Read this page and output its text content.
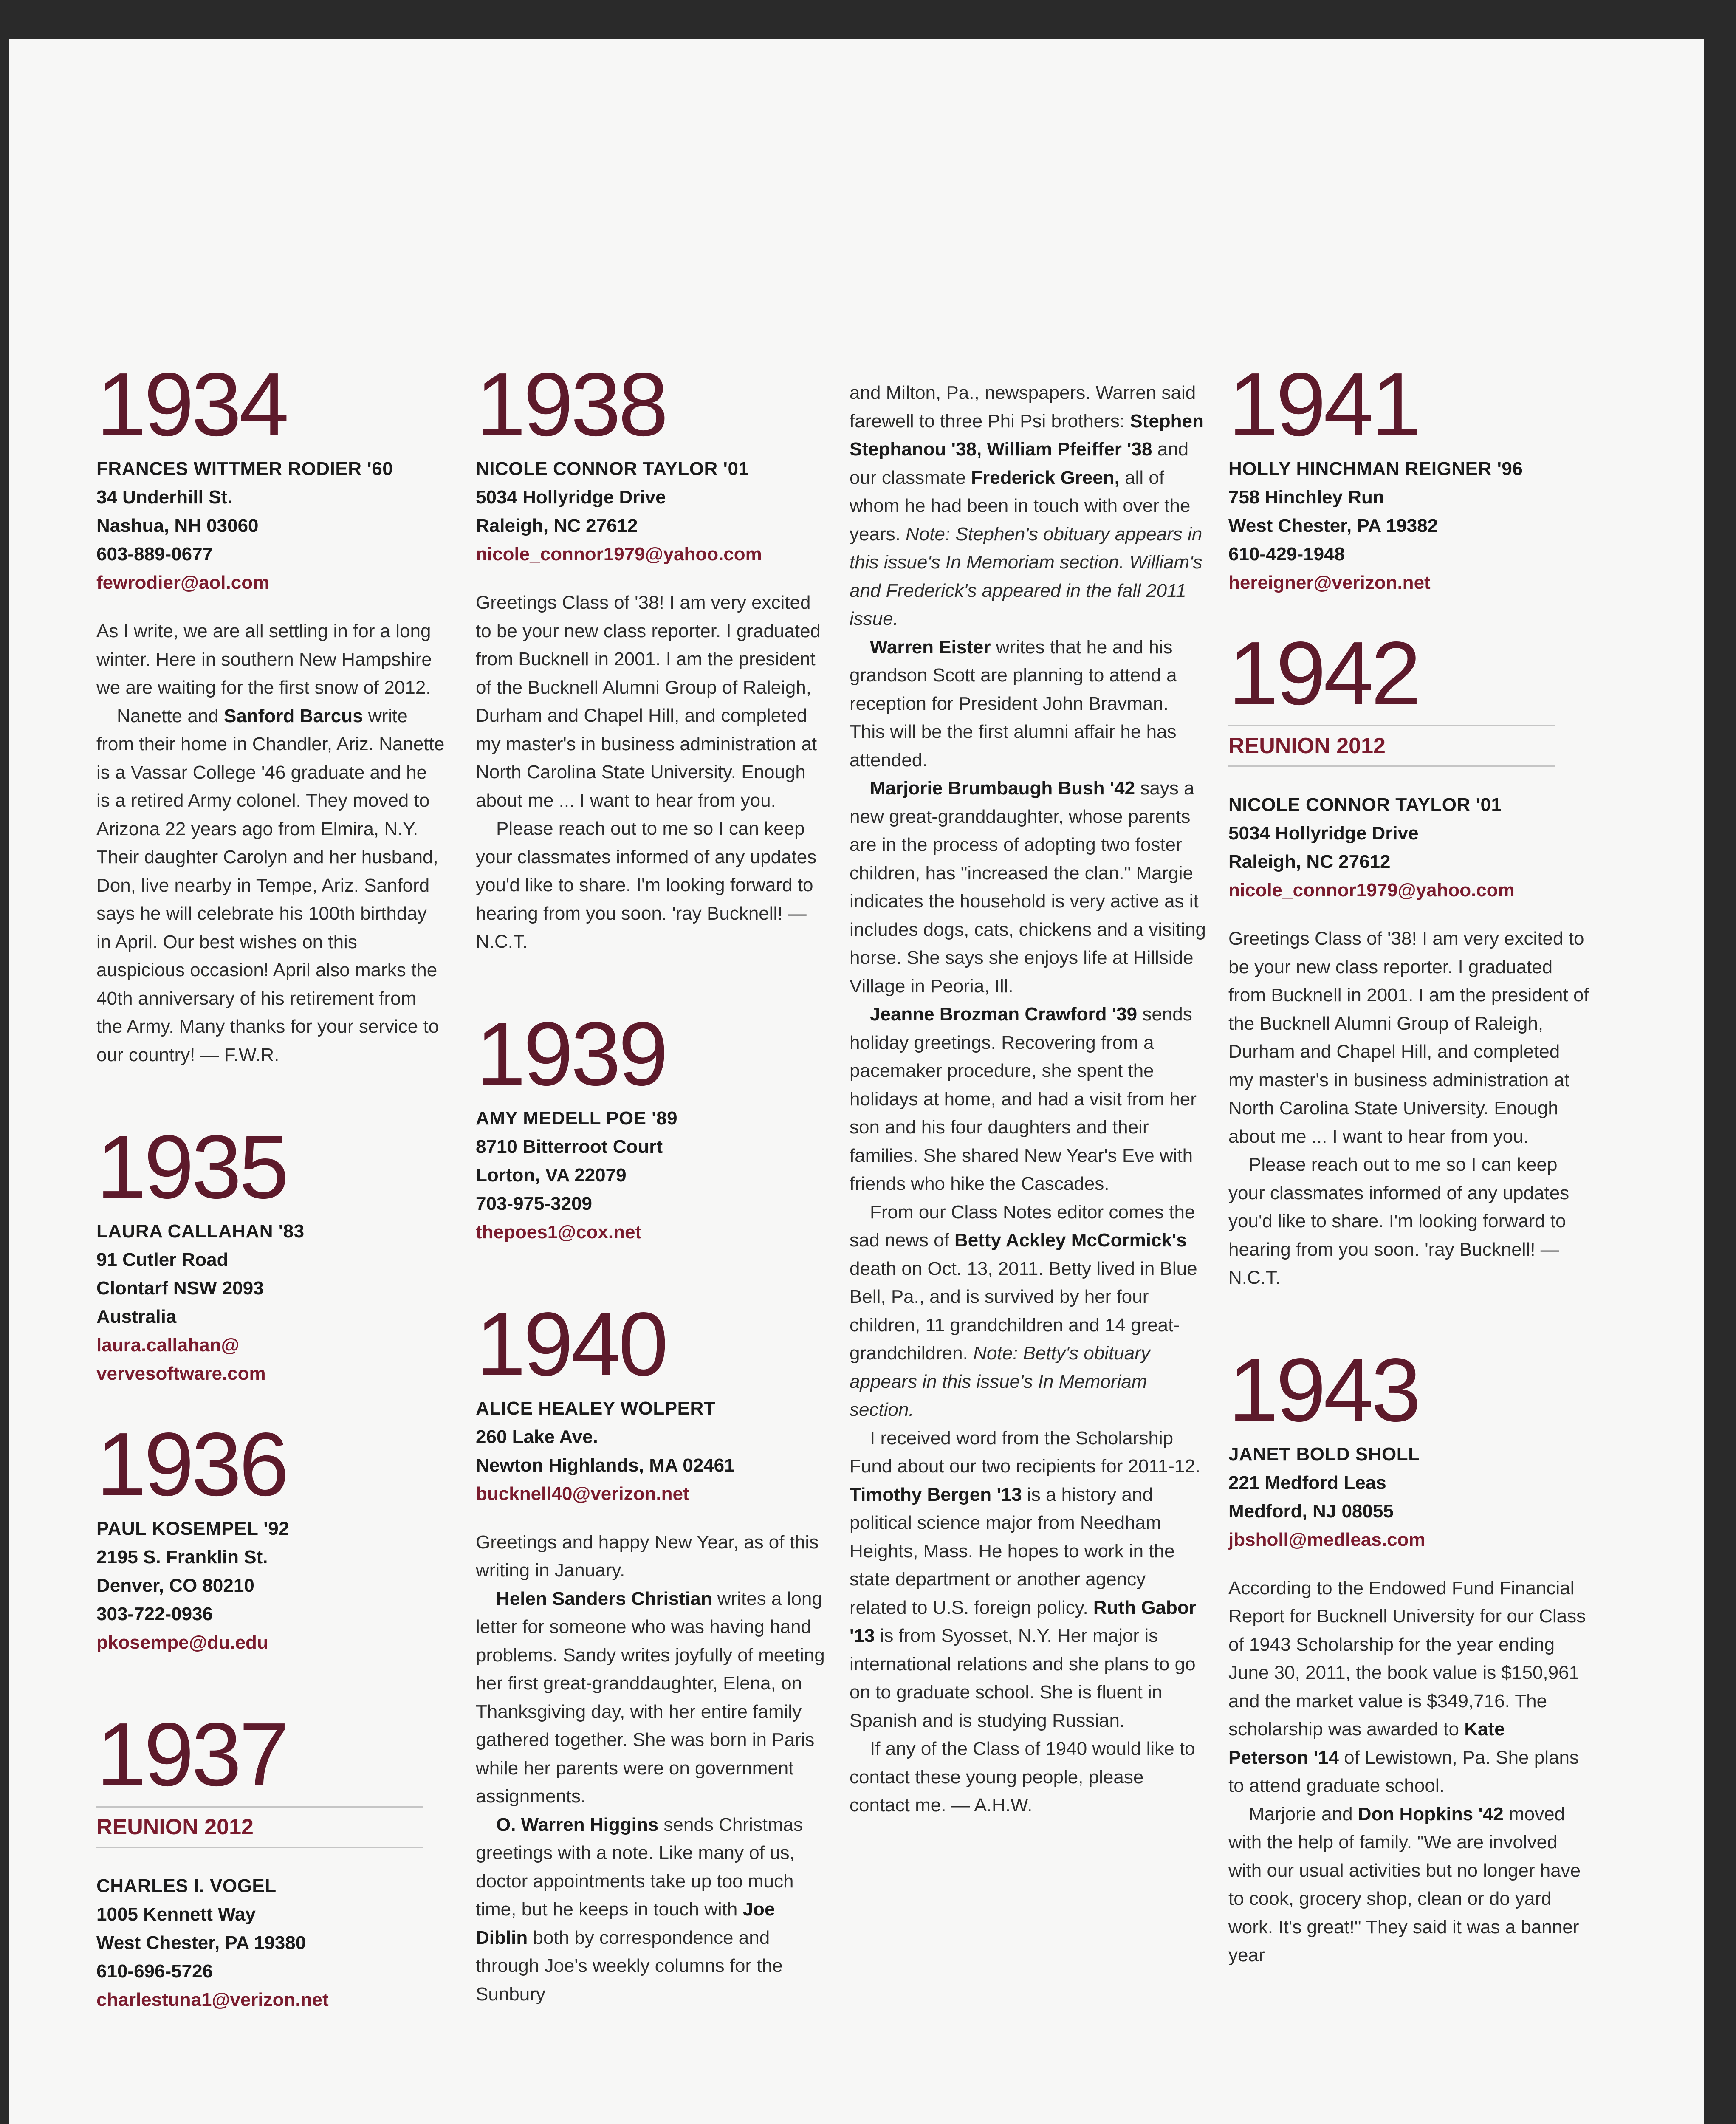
1934
FRANCES WITTMER RODIER '60
34 Underhill St.
Nashua, NH 03060
603-889-0677
fewrodier@aol.com

As I write, we are all settling in for a long winter. Here in southern New Hampshire we are waiting for the first snow of 2012.

Nanette and Sanford Barcus write from their home in Chandler, Ariz. Nanette is a Vassar College '46 graduate and he is a retired Army colonel. They moved to Arizona 22 years ago from Elmira, N.Y. Their daughter Carolyn and her husband, Don, live nearby in Tempe, Ariz. Sanford says he will celebrate his 100th birthday in April. Our best wishes on this auspicious occasion! April also marks the 40th anniversary of his retirement from the Army. Many thanks for your service to our country! — F.W.R.

1935
LAURA CALLAHAN '83
91 Cutler Road
Clontarf NSW 2093
Australia
laura.callahan@
vervesoftware.com
1936
PAUL KOSEMPEL '92
2195 S. Franklin St.
Denver, CO 80210
303-722-0936
pkosempe@du.edu
1937
REUNION 2012
CHARLES I. VOGEL
1005 Kennett Way
West Chester, PA 19380
610-696-5726
charlestuna1@verizon.net
1938
NICOLE CONNOR TAYLOR '01
5034 Hollyridge Drive
Raleigh, NC 27612
nicole_connor1979@yahoo.com

Greetings Class of '38! I am very excited to be your new class reporter. I graduated from Bucknell in 2001. I am the president of the Bucknell Alumni Group of Raleigh, Durham and Chapel Hill, and completed my master's in business administration at North Carolina State University. Enough about me ... I want to hear from you.

Please reach out to me so I can keep your classmates informed of any updates you'd like to share. I'm looking forward to hearing from you soon. 'ray Bucknell! — N.C.T.

1939
AMY MEDELL POE '89
8710 Bitterroot Court
Lorton, VA 22079
703-975-3209
thepoes1@cox.net
1940
ALICE HEALEY WOLPERT
260 Lake Ave.
Newton Highlands, MA 02461
bucknell40@verizon.net

Greetings and happy New Year, as of this writing in January.

Helen Sanders Christian writes a long letter for someone who was having hand problems. Sandy writes joyfully of meeting her first great-granddaughter, Elena, on Thanksgiving day, with her entire family gathered together. She was born in Paris while her parents were on government assignments.

O. Warren Higgins sends Christmas greetings with a note. Like many of us, doctor appointments take up too much time, but he keeps in touch with Joe Diblin both by correspondence and through Joe's weekly columns for the Sunbury

and Milton, Pa., newspapers. Warren said farewell to three Phi Psi brothers: Stephen Stephanou '38, William Pfeiffer '38 and our classmate Frederick Green, all of whom he had been in touch with over the years. Note: Stephen's obituary appears in this issue's In Memoriam section. William's and Frederick's appeared in the fall 2011 issue.

Warren Eister writes that he and his grandson Scott are planning to attend a reception for President John Bravman. This will be the first alumni affair he has attended.

Marjorie Brumbaugh Bush '42 says a new great-granddaughter, whose parents are in the process of adopting two foster children, has "increased the clan." Margie indicates the household is very active as it includes dogs, cats, chickens and a visiting horse. She says she enjoys life at Hillside Village in Peoria, Ill.

Jeanne Brozman Crawford '39 sends holiday greetings. Recovering from a pacemaker procedure, she spent the holidays at home, and had a visit from her son and his four daughters and their families. She shared New Year's Eve with friends who hike the Cascades.

From our Class Notes editor comes the sad news of Betty Ackley McCormick's death on Oct. 13, 2011. Betty lived in Blue Bell, Pa., and is survived by her four children, 11 grandchildren and 14 great-grandchildren. Note: Betty's obituary appears in this issue's In Memoriam section.

I received word from the Scholarship Fund about our two recipients for 2011-12. Timothy Bergen '13 is a history and political science major from Needham Heights, Mass. He hopes to work in the state department or another agency related to U.S. foreign policy. Ruth Gabor '13 is from Syosset, N.Y. Her major is international relations and she plans to go on to graduate school. She is fluent in Spanish and is studying Russian.

If any of the Class of 1940 would like to contact these young people, please contact me. — A.H.W.

1941
HOLLY HINCHMAN REIGNER '96
758 Hinchley Run
West Chester, PA 19382
610-429-1948
hereigner@verizon.net
1942
REUNION 2012
NICOLE CONNOR TAYLOR '01
5034 Hollyridge Drive
Raleigh, NC 27612
nicole_connor1979@yahoo.com

Greetings Class of '38! I am very excited to be your new class reporter. I graduated from Bucknell in 2001. I am the president of the Bucknell Alumni Group of Raleigh, Durham and Chapel Hill, and completed my master's in business administration at North Carolina State University. Enough about me ... I want to hear from you.

Please reach out to me so I can keep your classmates informed of any updates you'd like to share. I'm looking forward to hearing from you soon. 'ray Bucknell! — N.C.T.

1943
JANET BOLD SHOLL
221 Medford Leas
Medford, NJ 08055
jbsholl@medleas.com

According to the Endowed Fund Financial Report for Bucknell University for our Class of 1943 Scholarship for the year ending June 30, 2011, the book value is $150,961 and the market value is $349,716. The scholarship was awarded to Kate Peterson '14 of Lewistown, Pa. She plans to attend graduate school.

Marjorie and Don Hopkins '42 moved with the help of family. "We are involved with our usual activities but no longer have to cook, grocery shop, clean or do yard work. It's great!" They said it was a banner year
